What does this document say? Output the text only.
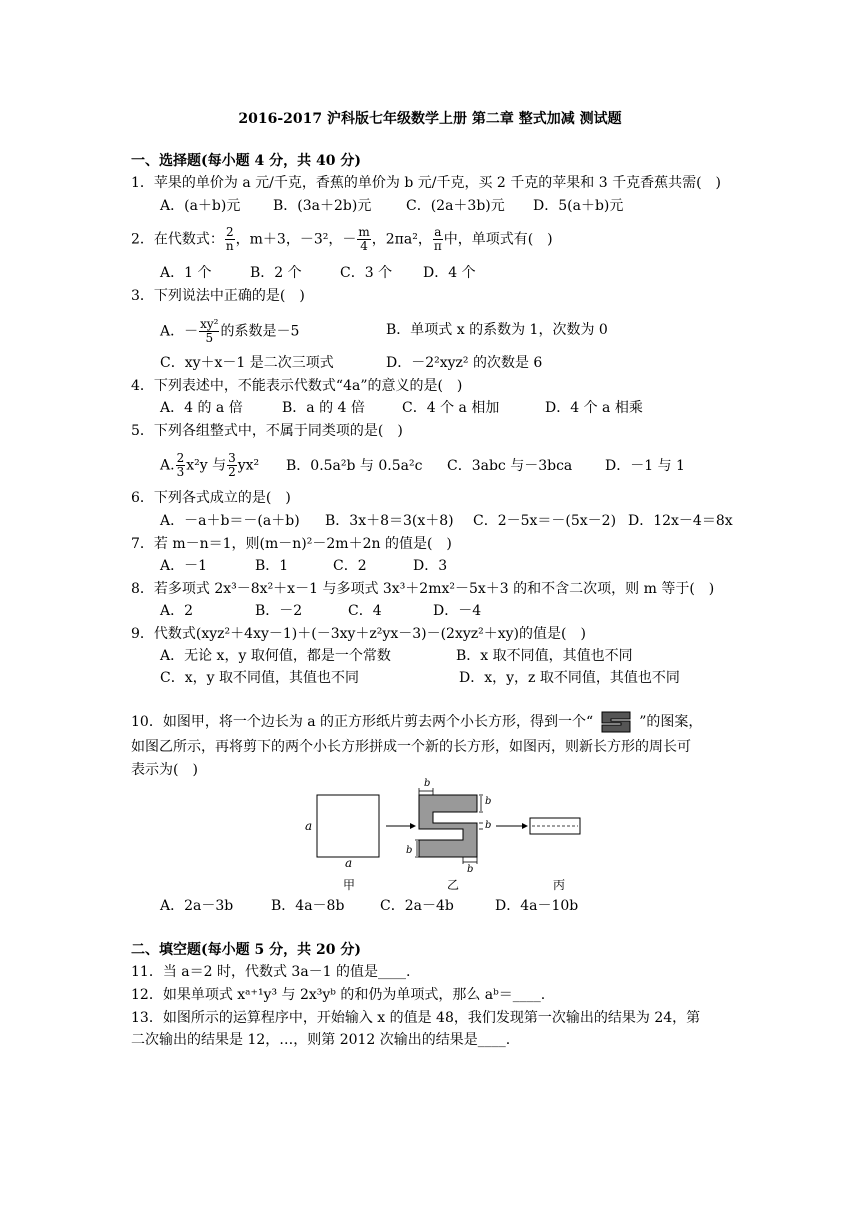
2016-2017 沪科版七年级数学上册 第二章 整式加减 测试题
一、选择题(每小题 4 分，共 40 分)
1．苹果的单价为 a 元/千克，香蕉的单价为 b 元/千克，买 2 千克的苹果和 3 千克香蕉共需(　)
A．(a＋b)元 B．(3a＋2b)元 C．(2a＋3b)元 D．5(a＋b)元
2．在代数式： $\frac{2}{n}$ ，m＋3，－3²，－ $\frac{m}{4}$ ，2πa²， $\frac{a}{\pi}$ 中，单项式有(　)
A．1 个	B．2 个	C．3 个 D．4 个
3．下列说法中正确的是(　)
A．－ $\frac{\text{xy²}}{5}$ 的系数是－5	B．单项式 x 的系数为 1，次数为 0
C．xy＋x－1 是二次三项式	D．－2²xyz² 的次数是 6
4．下列表述中，不能表示代数式“4a”的意义的是(　)
A．4 的 a 倍	B．a 的 4 倍	C．4 个 a 相加	D．4 个 a 相乘
5．下列各组整式中，不属于同类项的是(　)
A. $\frac{2}{3} x^2y$ 与 $\frac{3}{2} yx^2$ B．0.5a²b 与 0.5a²c C．3abc 与－3bca D．－1 与 1
6．下列各式成立的是(　)
A．－a＋b＝－(a＋b) B．3x＋8＝3(x＋8) C．2－5x＝－(5x－2) D．12x－4＝8x
7．若 m－n＝1，则(m－n)²－2m＋2n 的值是(　)
A．－1	B．1	C．2	D．3
8．若多项式 2x³－8x²＋x－1 与多项式 3x³＋2mx²－5x＋3 的和不含二次项，则 m 等于(　)
A．2	B．－2	C．4	D．－4
9．代数式(xyz²＋4xy－1)＋(－3xy＋z²yx－3)－(2xyz²＋xy)的值是(　)
A．无论 x，y 取何值，都是一个常数	B．x 取不同值，其值也不同
C．x，y 取不同值，其值也不同	D．x，y，z 取不同值，其值也不同
10．如图甲，将一个边长为 a 的正方形纸片剪去两个小长方形，得到一个“	”的图案，
如图乙所示，再将剪下的两个小长方形拼成一个新的长方形，如图丙，则新长方形的周长可
表示为(　)
a
a
b
b
b
b
b
甲	乙	丙
A．2a－3b	B．4a－8b	C．2a－4b	D．4a－10b
二、填空题(每小题 5 分，共 20 分)
11．当 a＝2 时，代数式 3a－1 的值是____.
12．如果单项式 xᵃ⁺¹y³ 与 2x³yᵇ 的和仍为单项式，那么 aᵇ＝____.
13．如图所示的运算程序中，开始输入 x 的值是 48，我们发现第一次输出的结果为 24，第
二次输出的结果是 12，…，则第 2012 次输出的结果是____.
